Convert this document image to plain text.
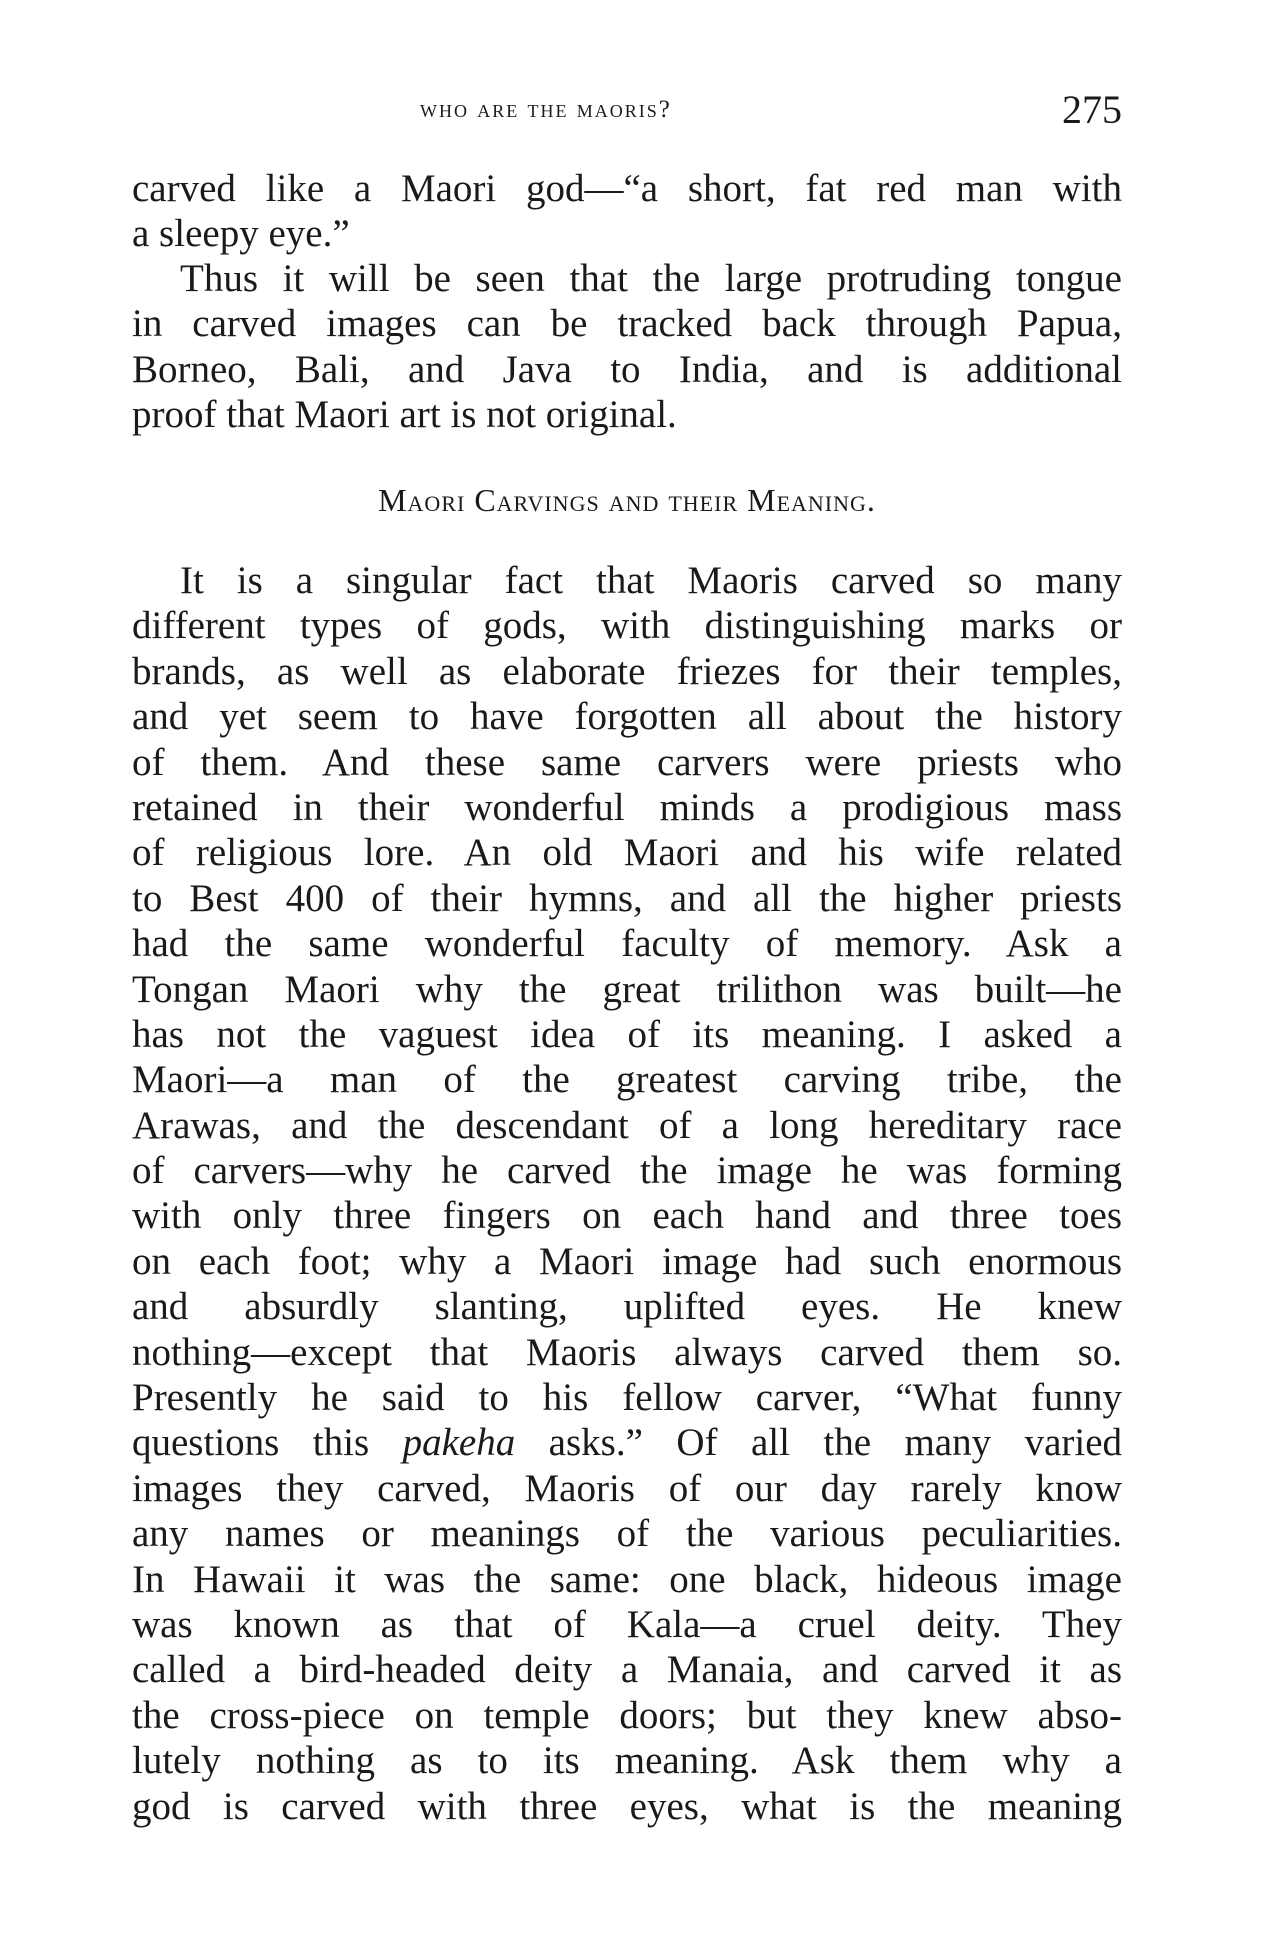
who are the maoris?	275
carved like a Maori god—“a short, fat red man with
a sleepy eye.”
Thus it will be seen that the large protruding tongue
in carved images can be tracked back through Papua,
Borneo, Bali, and Java to India, and is additional
proof that Maori art is not original.
Maori Carvings and their Meaning.
It is a singular fact that Maoris carved so many
different types of gods, with distinguishing marks or
brands, as well as elaborate friezes for their temples,
and yet seem to have forgotten all about the history
of them. And these same carvers were priests who
retained in their wonderful minds a prodigious mass
of religious lore. An old Maori and his wife related
to Best 400 of their hymns, and all the higher priests
had the same wonderful faculty of memory. Ask a
Tongan Maori why the great trilithon was built—he
has not the vaguest idea of its meaning. I asked a
Maori—a man of the greatest carving tribe, the
Arawas, and the descendant of a long hereditary race
of carvers—why he carved the image he was forming
with only three fingers on each hand and three toes
on each foot; why a Maori image had such enormous
and absurdly slanting, uplifted eyes. He knew
nothing—except that Maoris always carved them so.
Presently he said to his fellow carver, “What funny
questions this pakeha asks.” Of all the many varied
images they carved, Maoris of our day rarely know
any names or meanings of the various peculiarities.
In Hawaii it was the same: one black, hideous image
was known as that of Kala—a cruel deity. They
called a bird-headed deity a Manaia, and carved it as
the cross-piece on temple doors; but they knew abso-
lutely nothing as to its meaning. Ask them why a
god is carved with three eyes, what is the meaning
